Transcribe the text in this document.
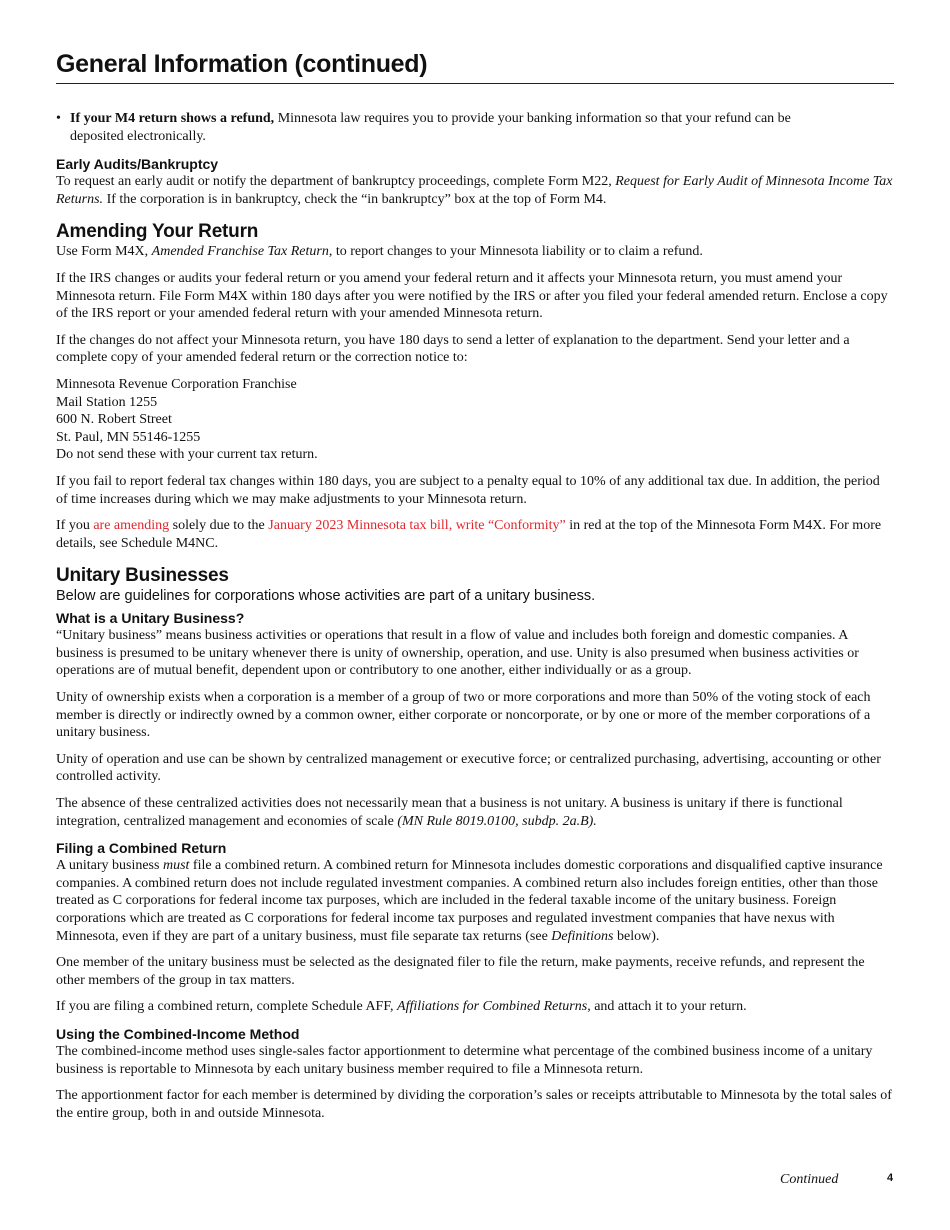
General Information (continued)

• If your M4 return shows a refund, Minnesota law requires you to provide your banking information so that your refund can be deposited electronically.

Early Audits/Bankruptcy

To request an early audit or notify the department of bankruptcy proceedings, complete Form M22, Request for Early Audit of Minnesota Income Tax Returns. If the corporation is in bankruptcy, check the “in bankruptcy” box at the top of Form M4.

Amending Your Return

Use Form M4X, Amended Franchise Tax Return, to report changes to your Minnesota liability or to claim a refund.

If the IRS changes or audits your federal return or you amend your federal return and it affects your Minnesota return, you must amend your Minnesota return. File Form M4X within 180 days after you were notified by the IRS or after you filed your federal amended return. Enclose a copy of the IRS report or your amended federal return with your amended Minnesota return.

If the changes do not affect your Minnesota return, you have 180 days to send a letter of explanation to the department. Send your letter and a complete copy of your amended federal return or the correction notice to:

Minnesota Revenue Corporation Franchise

Mail Station 1255

600 N. Robert Street

St. Paul, MN 55146-1255

Do not send these with your current tax return.

If you fail to report federal tax changes within 180 days, you are subject to a penalty equal to 10% of any additional tax due. In addition, the period of time increases during which we may make adjustments to your Minnesota return.

If you are amending solely due to the January 2023 Minnesota tax bill, write “Conformity” in red at the top of the Minnesota Form M4X. For more details, see Schedule M4NC.

Unitary Businesses

Below are guidelines for corporations whose activities are part of a unitary business.

What is a Unitary Business?

“Unitary business” means business activities or operations that result in a flow of value and includes both foreign and domestic companies. A business is presumed to be unitary whenever there is unity of ownership, operation, and use. Unity is also presumed when business activities or operations are of mutual benefit, dependent upon or contributory to one another, either individually or as a group.

Unity of ownership exists when a corporation is a member of a group of two or more corporations and more than 50% of the voting stock of each member is directly or indirectly owned by a common owner, either corporate or noncorporate, or by one or more of the member corporations of a unitary business.

Unity of operation and use can be shown by centralized management or executive force; or centralized purchasing, advertising, accounting or other controlled activity.

The absence of these centralized activities does not necessarily mean that a business is not unitary. A business is unitary if there is functional integration, centralized management and economies of scale (MN Rule 8019.0100, subdp. 2a.B).

Filing a Combined Return

A unitary business must file a combined return. A combined return for Minnesota includes domestic corporations and disqualified captive insurance companies. A combined return does not include regulated investment companies. A combined return also includes foreign entities, other than those treated as C corporations for federal income tax purposes, which are included in the federal taxable income of the unitary business. Foreign corporations which are treated as C corporations for federal income tax purposes and regulated investment companies that have nexus with Minnesota, even if they are part of a unitary business, must file separate tax returns (see Definitions below).

One member of the unitary business must be selected as the designated filer to file the return, make payments, receive refunds, and represent the other members of the group in tax matters.

If you are filing a combined return, complete Schedule AFF, Affiliations for Combined Returns, and attach it to your return.

Using the Combined-Income Method

The combined-income method uses single-sales factor apportionment to determine what percentage of the combined business income of a unitary business is reportable to Minnesota by each unitary business member required to file a Minnesota return.

The apportionment factor for each member is determined by dividing the corporation’s sales or receipts attributable to Minnesota by the total sales of the entire group, both in and outside Minnesota.

Continued	4
